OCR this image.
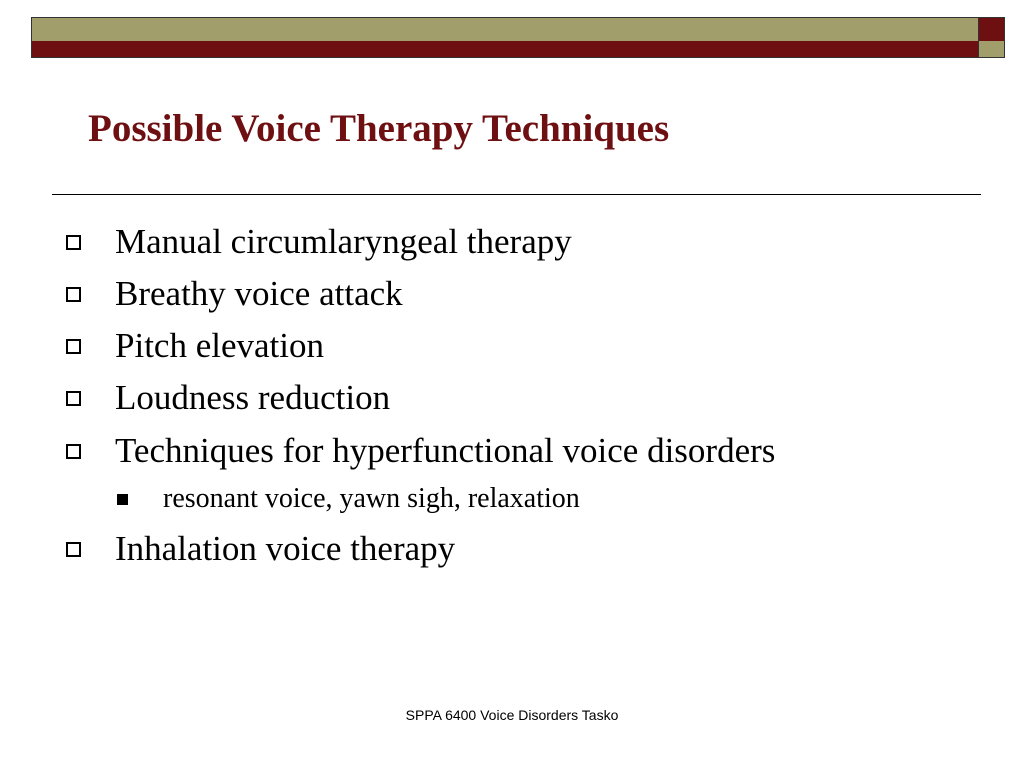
Possible Voice Therapy Techniques
Manual circumlaryngeal therapy
Breathy voice attack
Pitch elevation
Loudness reduction
Techniques for hyperfunctional voice disorders
resonant voice, yawn sigh, relaxation
Inhalation voice therapy
SPPA 6400 Voice Disorders Tasko
